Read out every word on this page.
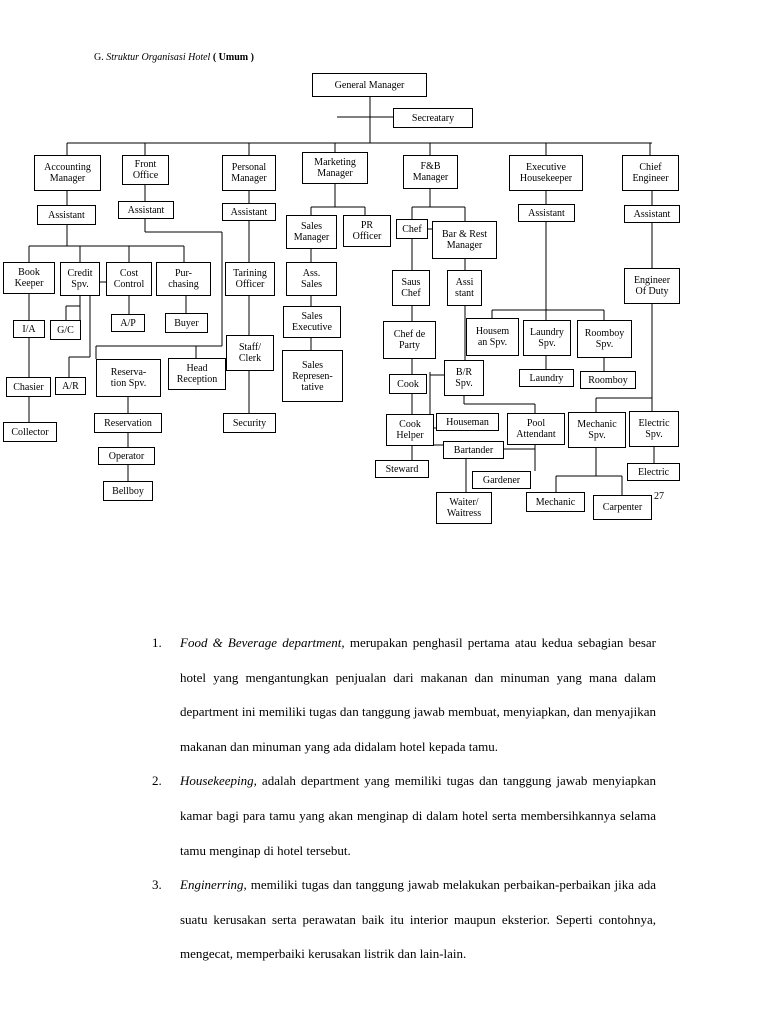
G. Struktur Organisasi Hotel ( Umum )
General Manager
Secreatary
Accounting
Manager
Front
Office
Personal
Manager
Marketing
Manager
F&B
Manager
Executive
Housekeeper
Chief
Engineer
Assistant	Assistant	Assistant	Assistant	Assistant
Book
Keeper
Credit
Spv.
Cost
Control
Pur-
chasing
I/A G/C
A/P	Buyer
Chasier A/R
Collector
Reserva-
tion Spv.
Head
Reception
Reservation
Operator
Bellboy
Tarining
Officer
Staff/
Clerk
Security
Sales
Manager
PR
Officer
Ass.
Sales
Sales
Executive
Sales
Represen-
tative
Chef Bar & Rest
Manager
Saus
Chef
Assi
stant
Chef de
Party
Cook
B/R
Spv.
Cook
Helper
Steward
Housem
an Spv.
Laundry
Spv.
Roomboy
Spv.
Laundry Roomboy
Houseman
Bartander
Pool
Attendant
Gardener
Waiter/
Waitress
Engineer
Of Duty
Mechanic
Spv.
Electric
Spv.
Electric
Mechanic	Carpenter
27
1. Food & Beverage department, merupakan penghasil pertama atau kedua sebagian besar hotel yang mengantungkan penjualan dari makanan dan minuman yang mana dalam department ini memiliki tugas dan tanggung jawab membuat, menyiapkan, dan menyajikan makanan dan minuman yang ada didalam hotel kepada tamu.
2. Housekeeping, adalah department yang memiliki tugas dan tanggung jawab menyiapkan kamar bagi para tamu yang akan menginap di dalam hotel serta membersihkannya selama tamu menginap di hotel tersebut.
3. Enginerring, memiliki tugas dan tanggung jawab melakukan perbaikan-perbaikan jika ada suatu kerusakan serta perawatan baik itu interior maupun eksterior. Seperti contohnya, mengecat, memperbaiki kerusakan listrik dan lain-lain.
